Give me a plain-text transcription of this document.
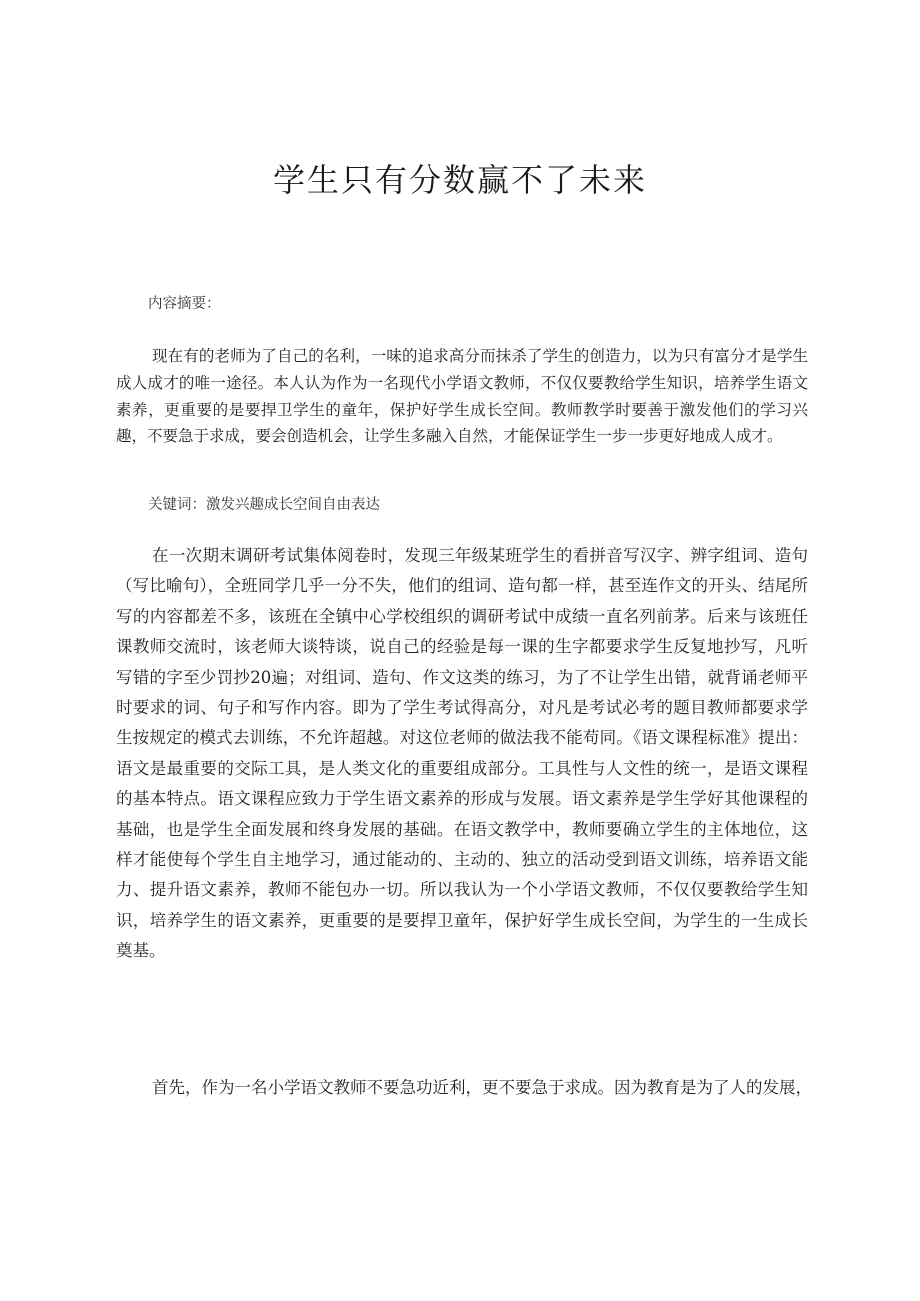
学生只有分数赢不了未来

内容摘要：

现在有的老师为了自己的名利，一味的追求高分而抹杀了学生的创造力，以为只有富分才是学生成人成才的唯一途径。本人认为作为一名现代小学语文教师，不仅仅要教给学生知识，培养学生语文素养，更重要的是要捍卫学生的童年，保护好学生成长空间。教师教学时要善于激发他们的学习兴趣，不要急于求成，要会创造机会，让学生多融入自然，才能保证学生一步一步更好地成人成才。

关键词：激发兴趣成长空间自由表达

在一次期末调研考试集体阅卷时，发现三年级某班学生的看拼音写汉字、辨字组词、造句（写比喻句），全班同学几乎一分不失，他们的组词、造句都一样，甚至连作文的开头、结尾所写的内容都差不多，该班在全镇中心学校组织的调研考试中成绩一直名列前茅。后来与该班任课教师交流时，该老师大谈特谈，说自己的经验是每一课的生字都要求学生反复地抄写，凡听写错的字至少罚抄20遍；对组词、造句、作文这类的练习，为了不让学生出错，就背诵老师平时要求的词、句子和写作内容。即为了学生考试得高分，对凡是考试必考的题目教师都要求学生按规定的模式去训练，不允许超越。对这位老师的做法我不能苟同。《语文课程标准》提出：语文是最重要的交际工具，是人类文化的重要组成部分。工具性与人文性的统一，是语文课程的基本特点。语文课程应致力于学生语文素养的形成与发展。语文素养是学生学好其他课程的基础，也是学生全面发展和终身发展的基础。在语文教学中，教师要确立学生的主体地位，这样才能使每个学生自主地学习，通过能动的、主动的、独立的活动受到语文训练，培养语文能力、提升语文素养，教师不能包办一切。所以我认为一个小学语文教师，不仅仅要教给学生知识，培养学生的语文素养，更重要的是要捍卫童年，保护好学生成长空间，为学生的一生成长奠基。

首先，作为一名小学语文教师不要急功近利，更不要急于求成。因为教育是为了人的发展，
